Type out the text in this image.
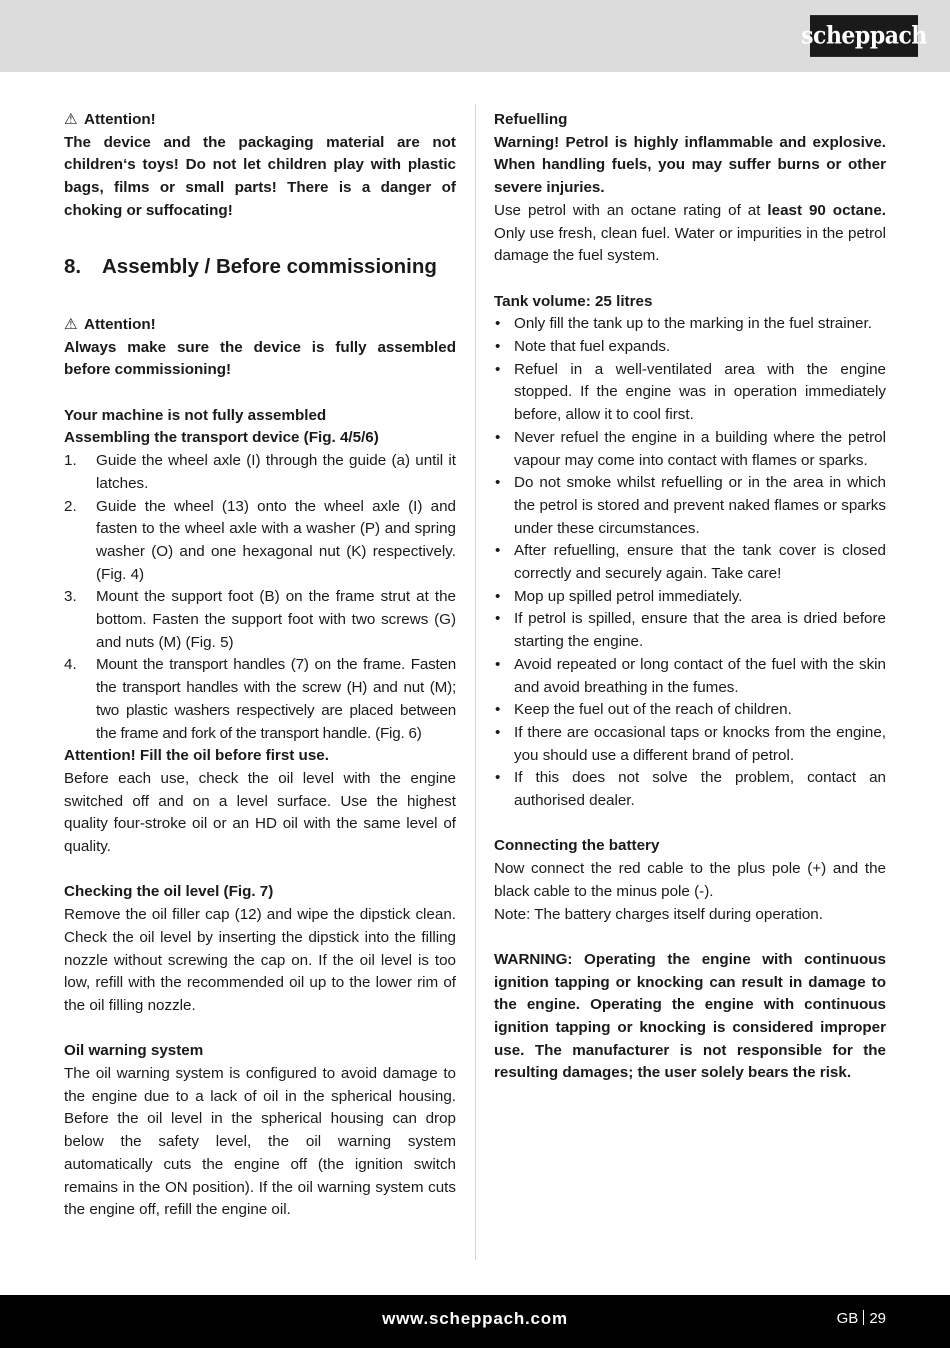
scheppach

⚠ Attention!

The device and the packaging material are not children‘s toys! Do not let children play with plastic bags, films or small parts! There is a danger of choking or suffocating!

8.	Assembly / Before commissioning

⚠ Attention!

Always make sure the device is fully assembled before commissioning!

Your machine is not fully assembled

Assembling the transport device (Fig. 4/5/6)

1.	Guide the wheel axle (I) through the guide (a) until it latches.
2.	Guide the wheel (13) onto the wheel axle (I) and fasten to the wheel axle with a washer (P) and spring washer (O) and one hexagonal nut (K) respectively. (Fig. 4)
3.	Mount the support foot (B) on the frame strut at the bottom. Fasten the support foot with two screws (G) and nuts (M) (Fig. 5)
4.	Mount the transport handles (7) on the frame. Fasten the transport handles with the screw (H) and nut (M); two plastic washers respectively are placed between the frame and fork of the transport handle. (Fig. 6)

Attention! Fill the oil before first use.

Before each use, check the oil level with the engine switched off and on a level surface. Use the highest quality four-stroke oil or an HD oil with the same level of quality.

Checking the oil level (Fig. 7)

Remove the oil filler cap (12) and wipe the dipstick clean. Check the oil level by inserting the dipstick into the filling nozzle without screwing the cap on. If the oil level is too low, refill with the recommended oil up to the lower rim of the oil filling nozzle.

Oil warning system

The oil warning system is configured to avoid damage to the engine due to a lack of oil in the spherical housing. Before the oil level in the spherical housing can drop below the safety level, the oil warning system automatically cuts the engine off (the ignition switch remains in the ON position). If the oil warning system cuts the engine off, refill the engine oil.

Refuelling

Warning! Petrol is highly inflammable and explosive. When handling fuels, you may suffer burns or other severe injuries.

Use petrol with an octane rating of at least 90 octane. Only use fresh, clean fuel. Water or impurities in the petrol damage the fuel system.

Tank volume: 25 litres

• Only fill the tank up to the marking in the fuel strainer.
• Note that fuel expands.
• Refuel in a well-ventilated area with the engine stopped. If the engine was in operation immediately before, allow it to cool first.
• Never refuel the engine in a building where the petrol vapour may come into contact with flames or sparks.
• Do not smoke whilst refuelling or in the area in which the petrol is stored and prevent naked flames or sparks under these circumstances.
• After refuelling, ensure that the tank cover is closed correctly and securely again. Take care!
• Mop up spilled petrol immediately.
• If petrol is spilled, ensure that the area is dried before starting the engine.
• Avoid repeated or long contact of the fuel with the skin and avoid breathing in the fumes.
• Keep the fuel out of the reach of children.
• If there are occasional taps or knocks from the engine, you should use a different brand of petrol.
• If this does not solve the problem, contact an authorised dealer.

Connecting the battery

Now connect the red cable to the plus pole (+) and the black cable to the minus pole (-).

Note: The battery charges itself during operation.

WARNING: Operating the engine with continuous ignition tapping or knocking can result in damage to the engine. Operating the engine with continuous ignition tapping or knocking is considered improper use. The manufacturer is not responsible for the resulting damages; the user solely bears the risk.

www.scheppach.com	GB 29
